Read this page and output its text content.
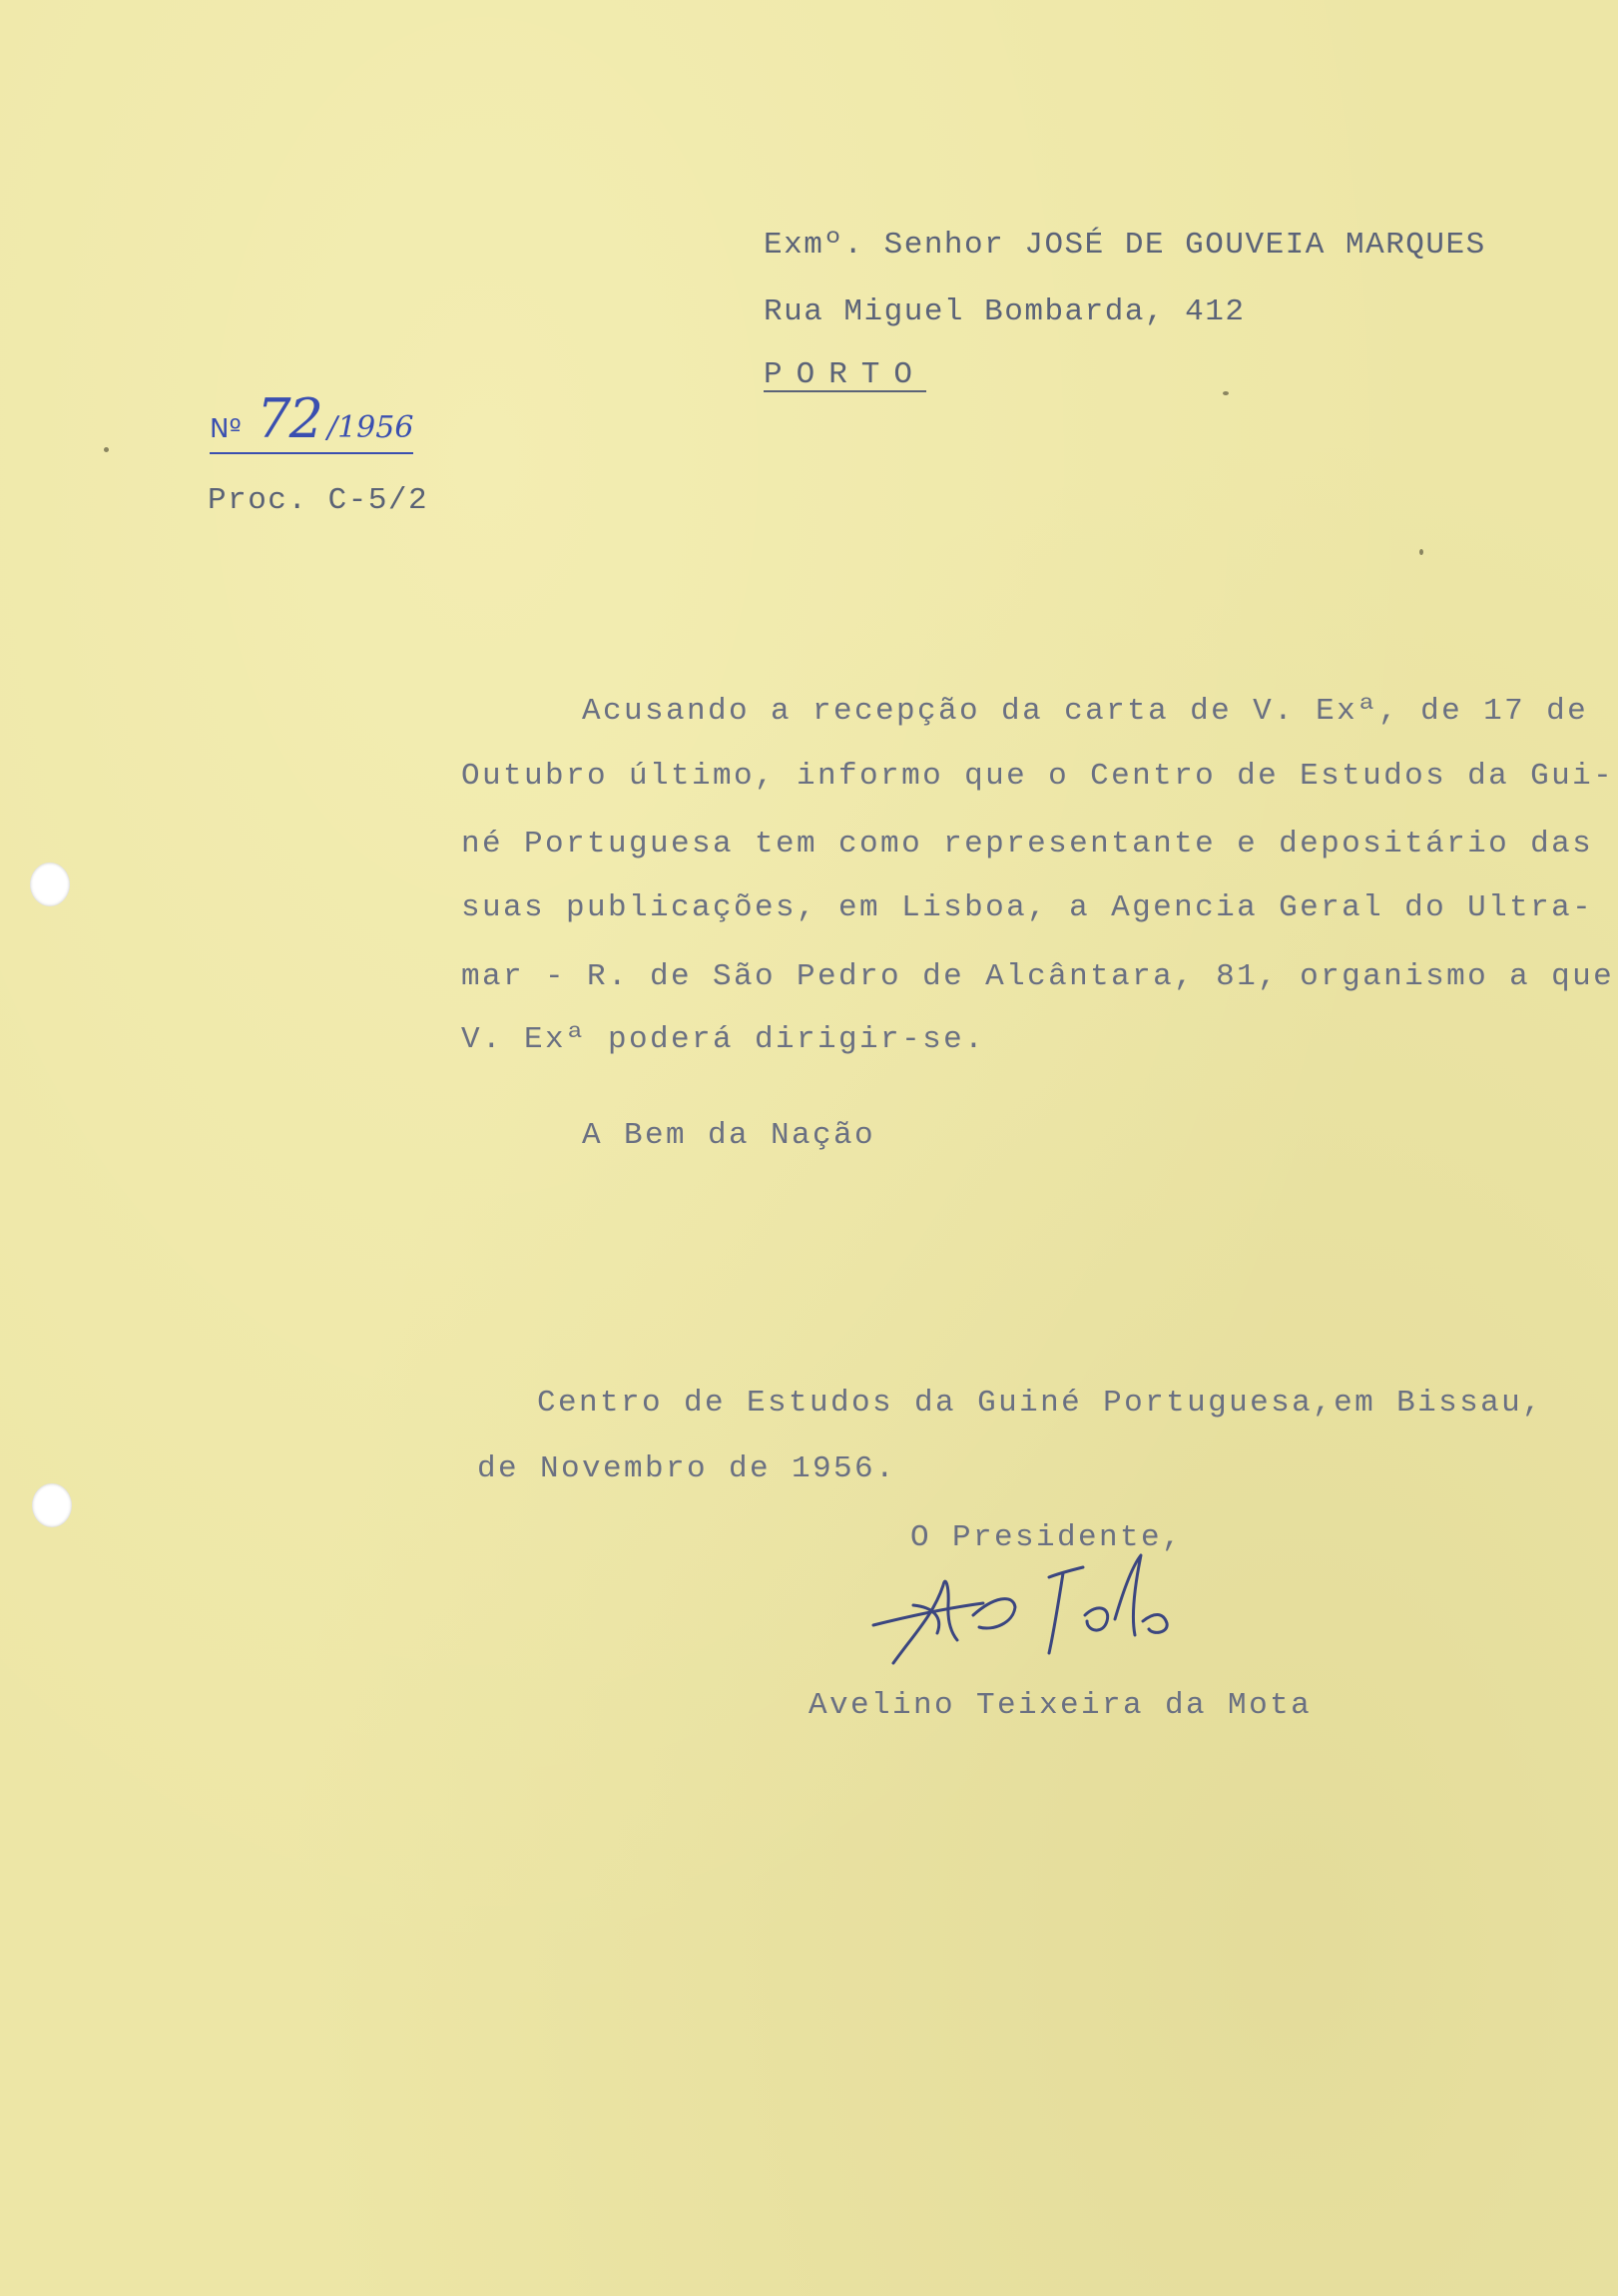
Exmº. Senhor JOSÉ DE GOUVEIA MARQUES
Rua Miguel Bombarda, 412
PORTO
Nº 72 /1956
Proc. C-5/2
Acusando a recepção da carta de V. Exª, de 17 de
Outubro último, informo que o Centro de Estudos da Gui-
né Portuguesa tem como representante e depositário das
suas publicações, em Lisboa, a Agencia Geral do Ultra-
mar - R. de São Pedro de Alcântara, 81, organismo a que
V. Exª poderá dirigir-se.
A Bem da Nação
Centro de Estudos da Guiné Portuguesa,em Bissau,
de Novembro de 1956.
O Presidente,
Avelino Teixeira da Mota
